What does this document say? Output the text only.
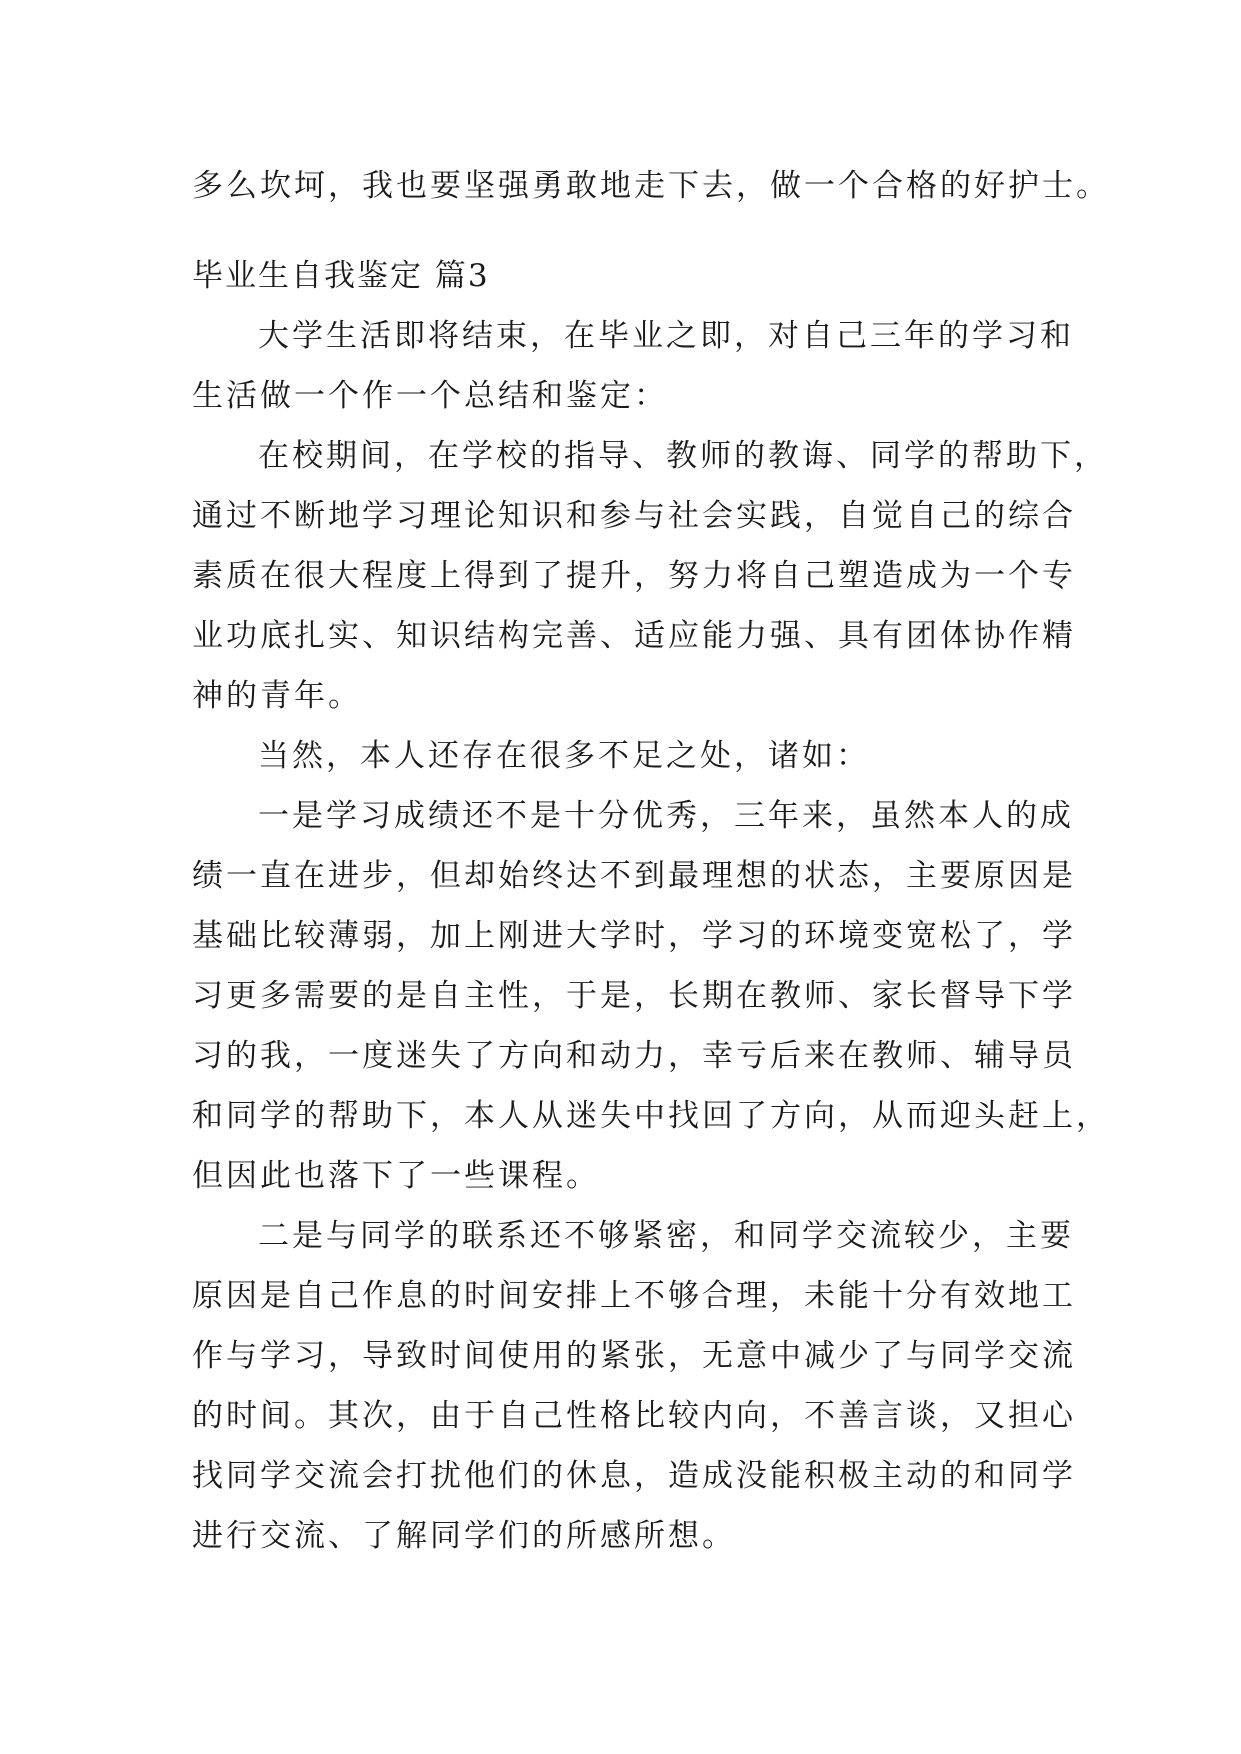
多么坎坷，我也要坚强勇敢地走下去，做一个合格的好护士。

毕业生自我鉴定 篇3

大学生活即将结束，在毕业之即，对自己三年的学习和

生活做一个作一个总结和鉴定：

在校期间，在学校的指导、教师的教诲、同学的帮助下，

通过不断地学习理论知识和参与社会实践，自觉自己的综合

素质在很大程度上得到了提升，努力将自己塑造成为一个专

业功底扎实、知识结构完善、适应能力强、具有团体协作精

神的青年。

当然，本人还存在很多不足之处，诸如：

一是学习成绩还不是十分优秀，三年来，虽然本人的成

绩一直在进步，但却始终达不到最理想的状态，主要原因是

基础比较薄弱，加上刚进大学时，学习的环境变宽松了，学

习更多需要的是自主性，于是，长期在教师、家长督导下学

习的我，一度迷失了方向和动力，幸亏后来在教师、辅导员

和同学的帮助下，本人从迷失中找回了方向，从而迎头赶上，

但因此也落下了一些课程。

二是与同学的联系还不够紧密，和同学交流较少，主要

原因是自己作息的时间安排上不够合理，未能十分有效地工

作与学习，导致时间使用的紧张，无意中减少了与同学交流

的时间。其次，由于自己性格比较内向，不善言谈，又担心

找同学交流会打扰他们的休息，造成没能积极主动的和同学

进行交流、了解同学们的所感所想。
